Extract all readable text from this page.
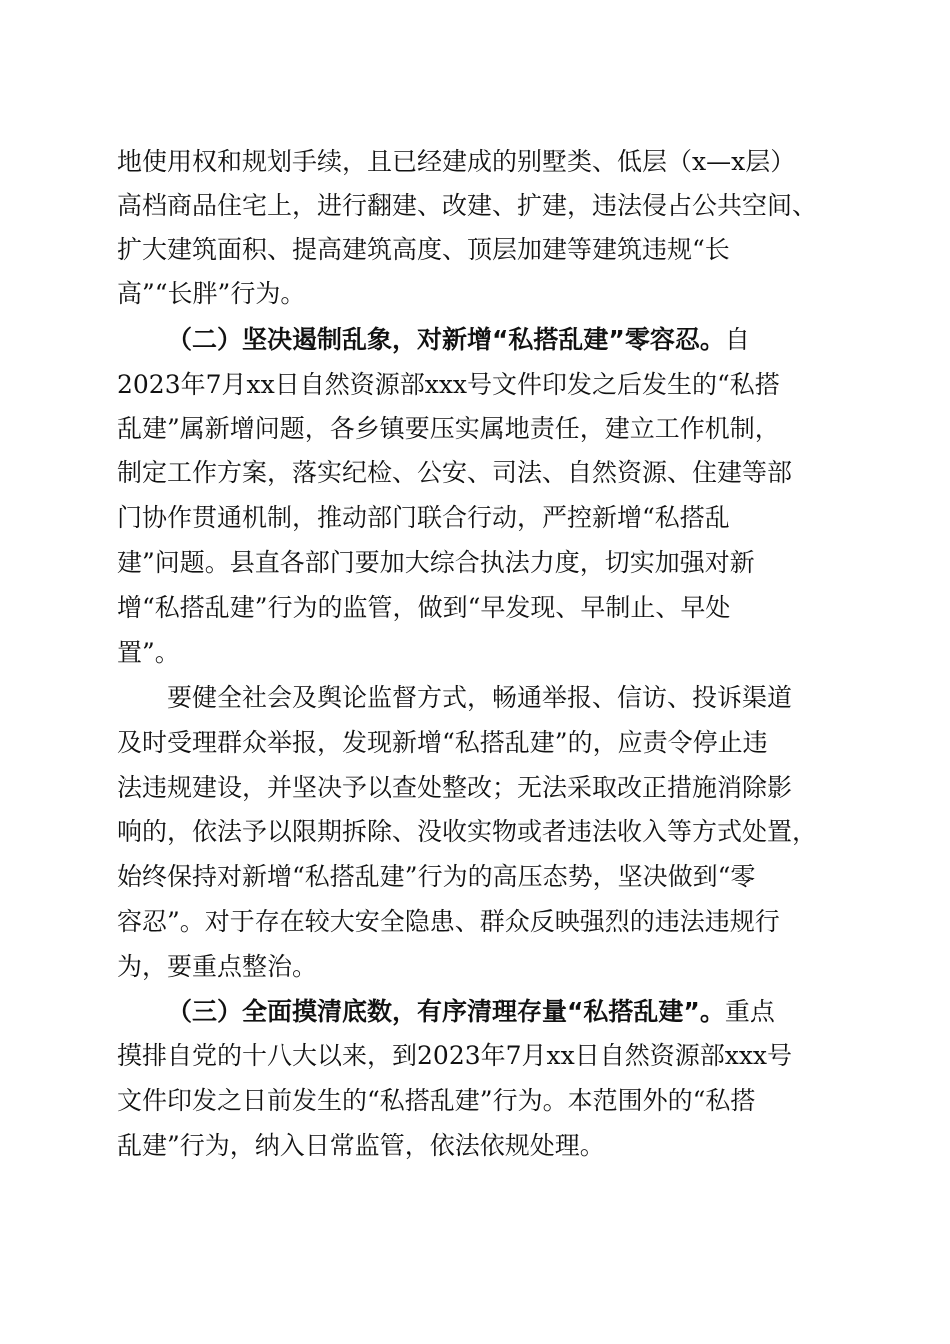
地使用权和规划手续，且已经建成的别墅类、低层（x—x层）
高档商品住宅上，进行翻建、改建、扩建，违法侵占公共空间、
扩大建筑面积、提高建筑高度、顶层加建等建筑违规“长
高”“长胖”行为。
（二）坚决遏制乱象，对新增“私搭乱建”零容忍。自
2023年7月xx日自然资源部xxx号文件印发之后发生的“私搭
乱建”属新增问题，各乡镇要压实属地责任，建立工作机制，
制定工作方案，落实纪检、公安、司法、自然资源、住建等部
门协作贯通机制，推动部门联合行动，严控新增“私搭乱
建”问题。县直各部门要加大综合执法力度，切实加强对新
增“私搭乱建”行为的监管，做到“早发现、早制止、早处
置”。
要健全社会及舆论监督方式，畅通举报、信访、投诉渠道
及时受理群众举报，发现新增“私搭乱建”的，应责令停止违
法违规建设，并坚决予以查处整改；无法采取改正措施消除影
响的，依法予以限期拆除、没收实物或者违法收入等方式处置，
始终保持对新增“私搭乱建”行为的高压态势，坚决做到“零
容忍”。对于存在较大安全隐患、群众反映强烈的违法违规行
为，要重点整治。
（三）全面摸清底数，有序清理存量“私搭乱建”。重点
摸排自党的十八大以来，到2023年7月xx日自然资源部xxx号
文件印发之日前发生的“私搭乱建”行为。本范围外的“私搭
乱建”行为，纳入日常监管，依法依规处理。
